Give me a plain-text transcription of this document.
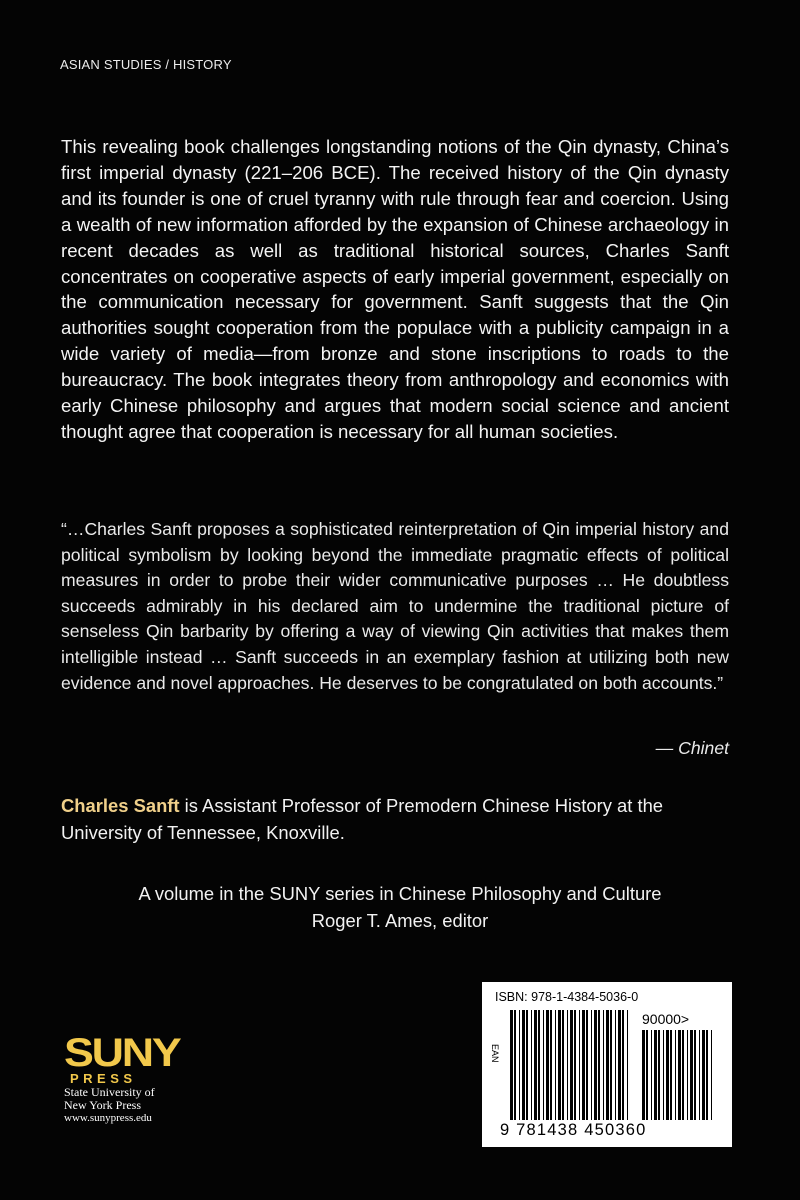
ASIAN STUDIES / HISTORY

This revealing book challenges longstanding notions of the Qin dynasty, China’s first imperial dynasty (221–206 BCE). The received history of the Qin dynasty and its founder is one of cruel tyranny with rule through fear and coercion. Using a wealth of new information afforded by the expansion of Chinese archaeology in recent decades as well as traditional historical sources, Charles Sanft concentrates on cooperative aspects of early imperial government, especially on the communication necessary for government. Sanft suggests that the Qin authorities sought cooperation from the populace with a publicity campaign in a wide variety of media—from bronze and stone inscriptions to roads to the bureaucracy. The book integrates theory from anthropology and economics with early Chinese philosophy and argues that modern social science and ancient thought agree that cooperation is necessary for all human societies.

“…Charles Sanft proposes a sophisticated reinterpretation of Qin imperial history and political symbolism by looking beyond the immediate pragmatic effects of political measures in order to probe their wider communicative purposes … He doubtless succeeds admirably in his declared aim to undermine the traditional picture of senseless Qin barbarity by offering a way of viewing Qin activities that makes them intelligible instead … Sanft succeeds in an exemplary fashion at utilizing both new evidence and novel approaches. He deserves to be congratulated on both accounts.”

— Chinet

Charles Sanft is Assistant Professor of Premodern Chinese History at the University of Tennessee, Knoxville.

A volume in the SUNY series in Chinese Philosophy and Culture
Roger T. Ames, editor
SUNY
PRESS
State University of
New York Press
www.sunypress.edu
ISBN: 978-1-4384-5036-0
90000>
EAN
9 781438 450360
